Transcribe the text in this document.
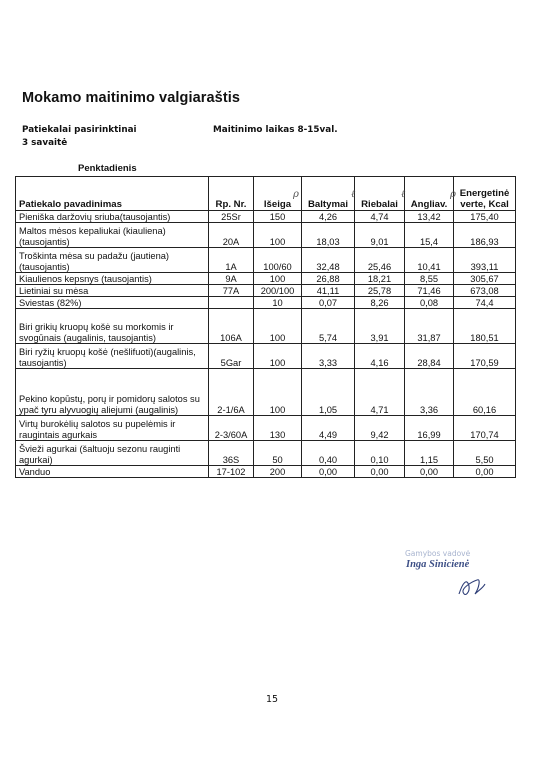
Mokamo maitinimo valgiaraštis
Patiekalai pasirinktinai
3 savaitė
Maitinimo laikas 8-15val.
Penktadienis
Patiekalo pavadinimas	Rp. Nr.	Išeiga	Baltymai	Riebalai	Angliav.	Energetinė verte, Kcal
Pieniška daržovių sriuba(tausojantis)	25Sr	150	4,26	4,74	13,42	175,40
Maltos mėsos kepaliukai (kiauliena)(tausojantis)	20A	100	18,03	9,01	15,4	186,93
Troškinta mėsa su padažu (jautiena) (tausojantis)	1A	100/60	32,48	25,46	10,41	393,11
Kiaulienos kepsnys (tausojantis)	9A	100	26,88	18,21	8,55	305,67
Lietiniai su mėsa	77A	200/100	41,11	25,78	71,46	673,08
Sviestas (82%)		10	0,07	8,26	0,08	74,4
Biri grikių kruopų košė su morkomis ir svogūnais (augalinis, tausojantis)	106A	100	5,74	3,91	31,87	180,51
Biri ryžių kruopų košė (nešlifuoti)(augalinis, tausojantis)	5Gar	100	3,33	4,16	28,84	170,59
Pekino kopūstų, porų ir pomidorų salotos su ypač tyru alyvuogių aliejumi (augalinis)	2-1/6A	100	1,05	4,71	3,36	60,16
Virtų burokėlių salotos su pupelėmis ir raugintais agurkais	2-3/60A	130	4,49	9,42	16,99	170,74
Švieži agurkai (šaltuoju sezonu rauginti agurkai)	36S	50	0,40	0,10	1,15	5,50
Vanduo	17-102	200	0,00	0,00	0,00	0,00
ρ	ℓ	ℓ	ρ
Gamybos vadovė
Inga Sinicienė
15
